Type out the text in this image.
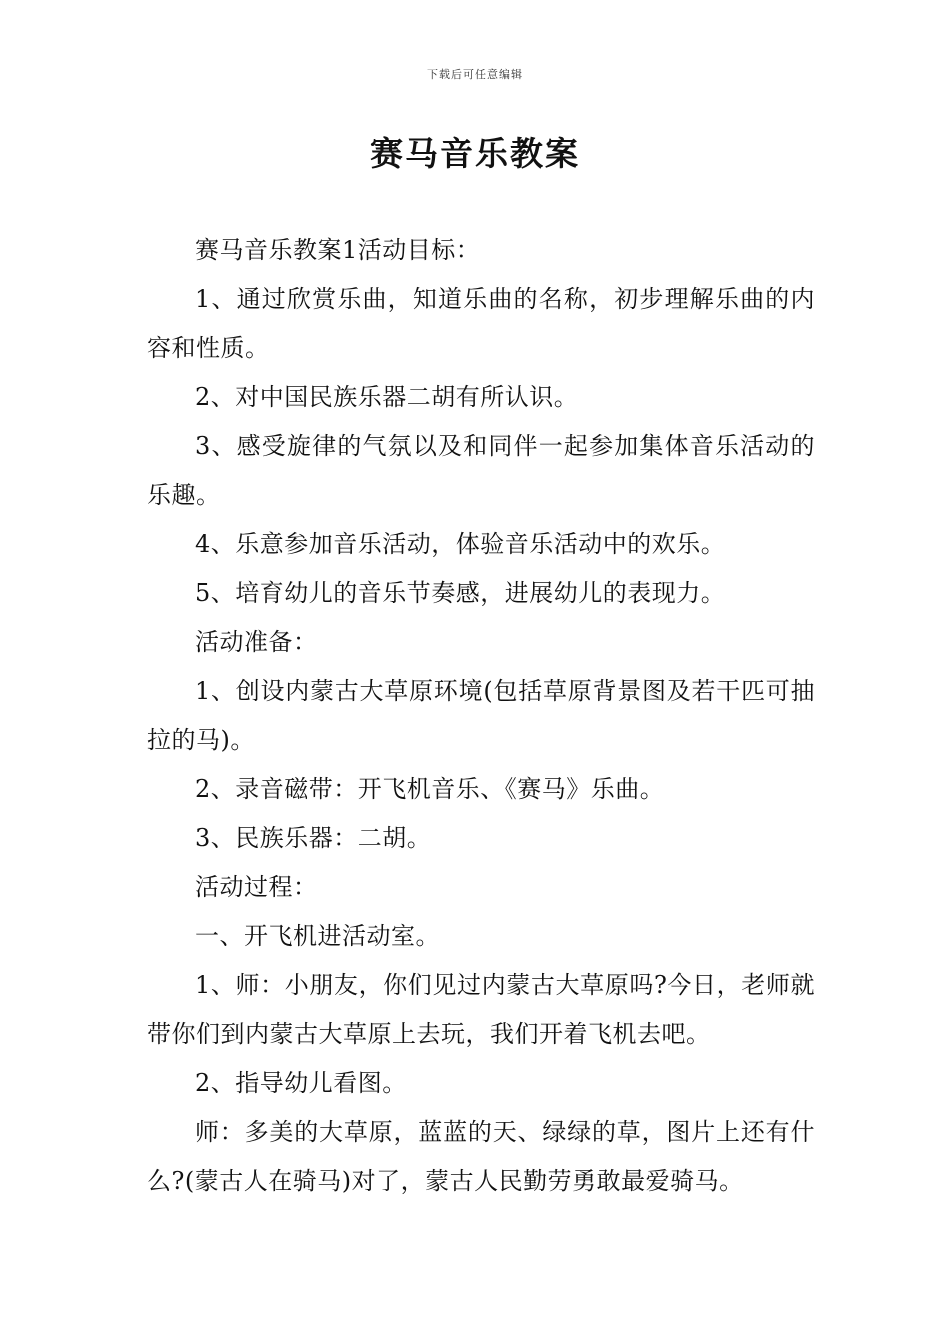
下载后可任意编辑
赛马音乐教案

赛马音乐教案1活动目标：

1、通过欣赏乐曲，知道乐曲的名称，初步理解乐曲的内容和性质。

2、对中国民族乐器二胡有所认识。

3、感受旋律的气氛以及和同伴一起参加集体音乐活动的乐趣。

4、乐意参加音乐活动，体验音乐活动中的欢乐。

5、培育幼儿的音乐节奏感，进展幼儿的表现力。

活动准备：

1、创设内蒙古大草原环境(包括草原背景图及若干匹可抽拉的马)。

2、录音磁带：开飞机音乐、《赛马》乐曲。

3、民族乐器：二胡。

活动过程：

一、开飞机进活动室。

1、师：小朋友，你们见过内蒙古大草原吗?今日，老师就带你们到内蒙古大草原上去玩，我们开着飞机去吧。

2、指导幼儿看图。

师：多美的大草原，蓝蓝的天、绿绿的草，图片上还有什么?(蒙古人在骑马)对了，蒙古人民勤劳勇敢最爱骑马。
